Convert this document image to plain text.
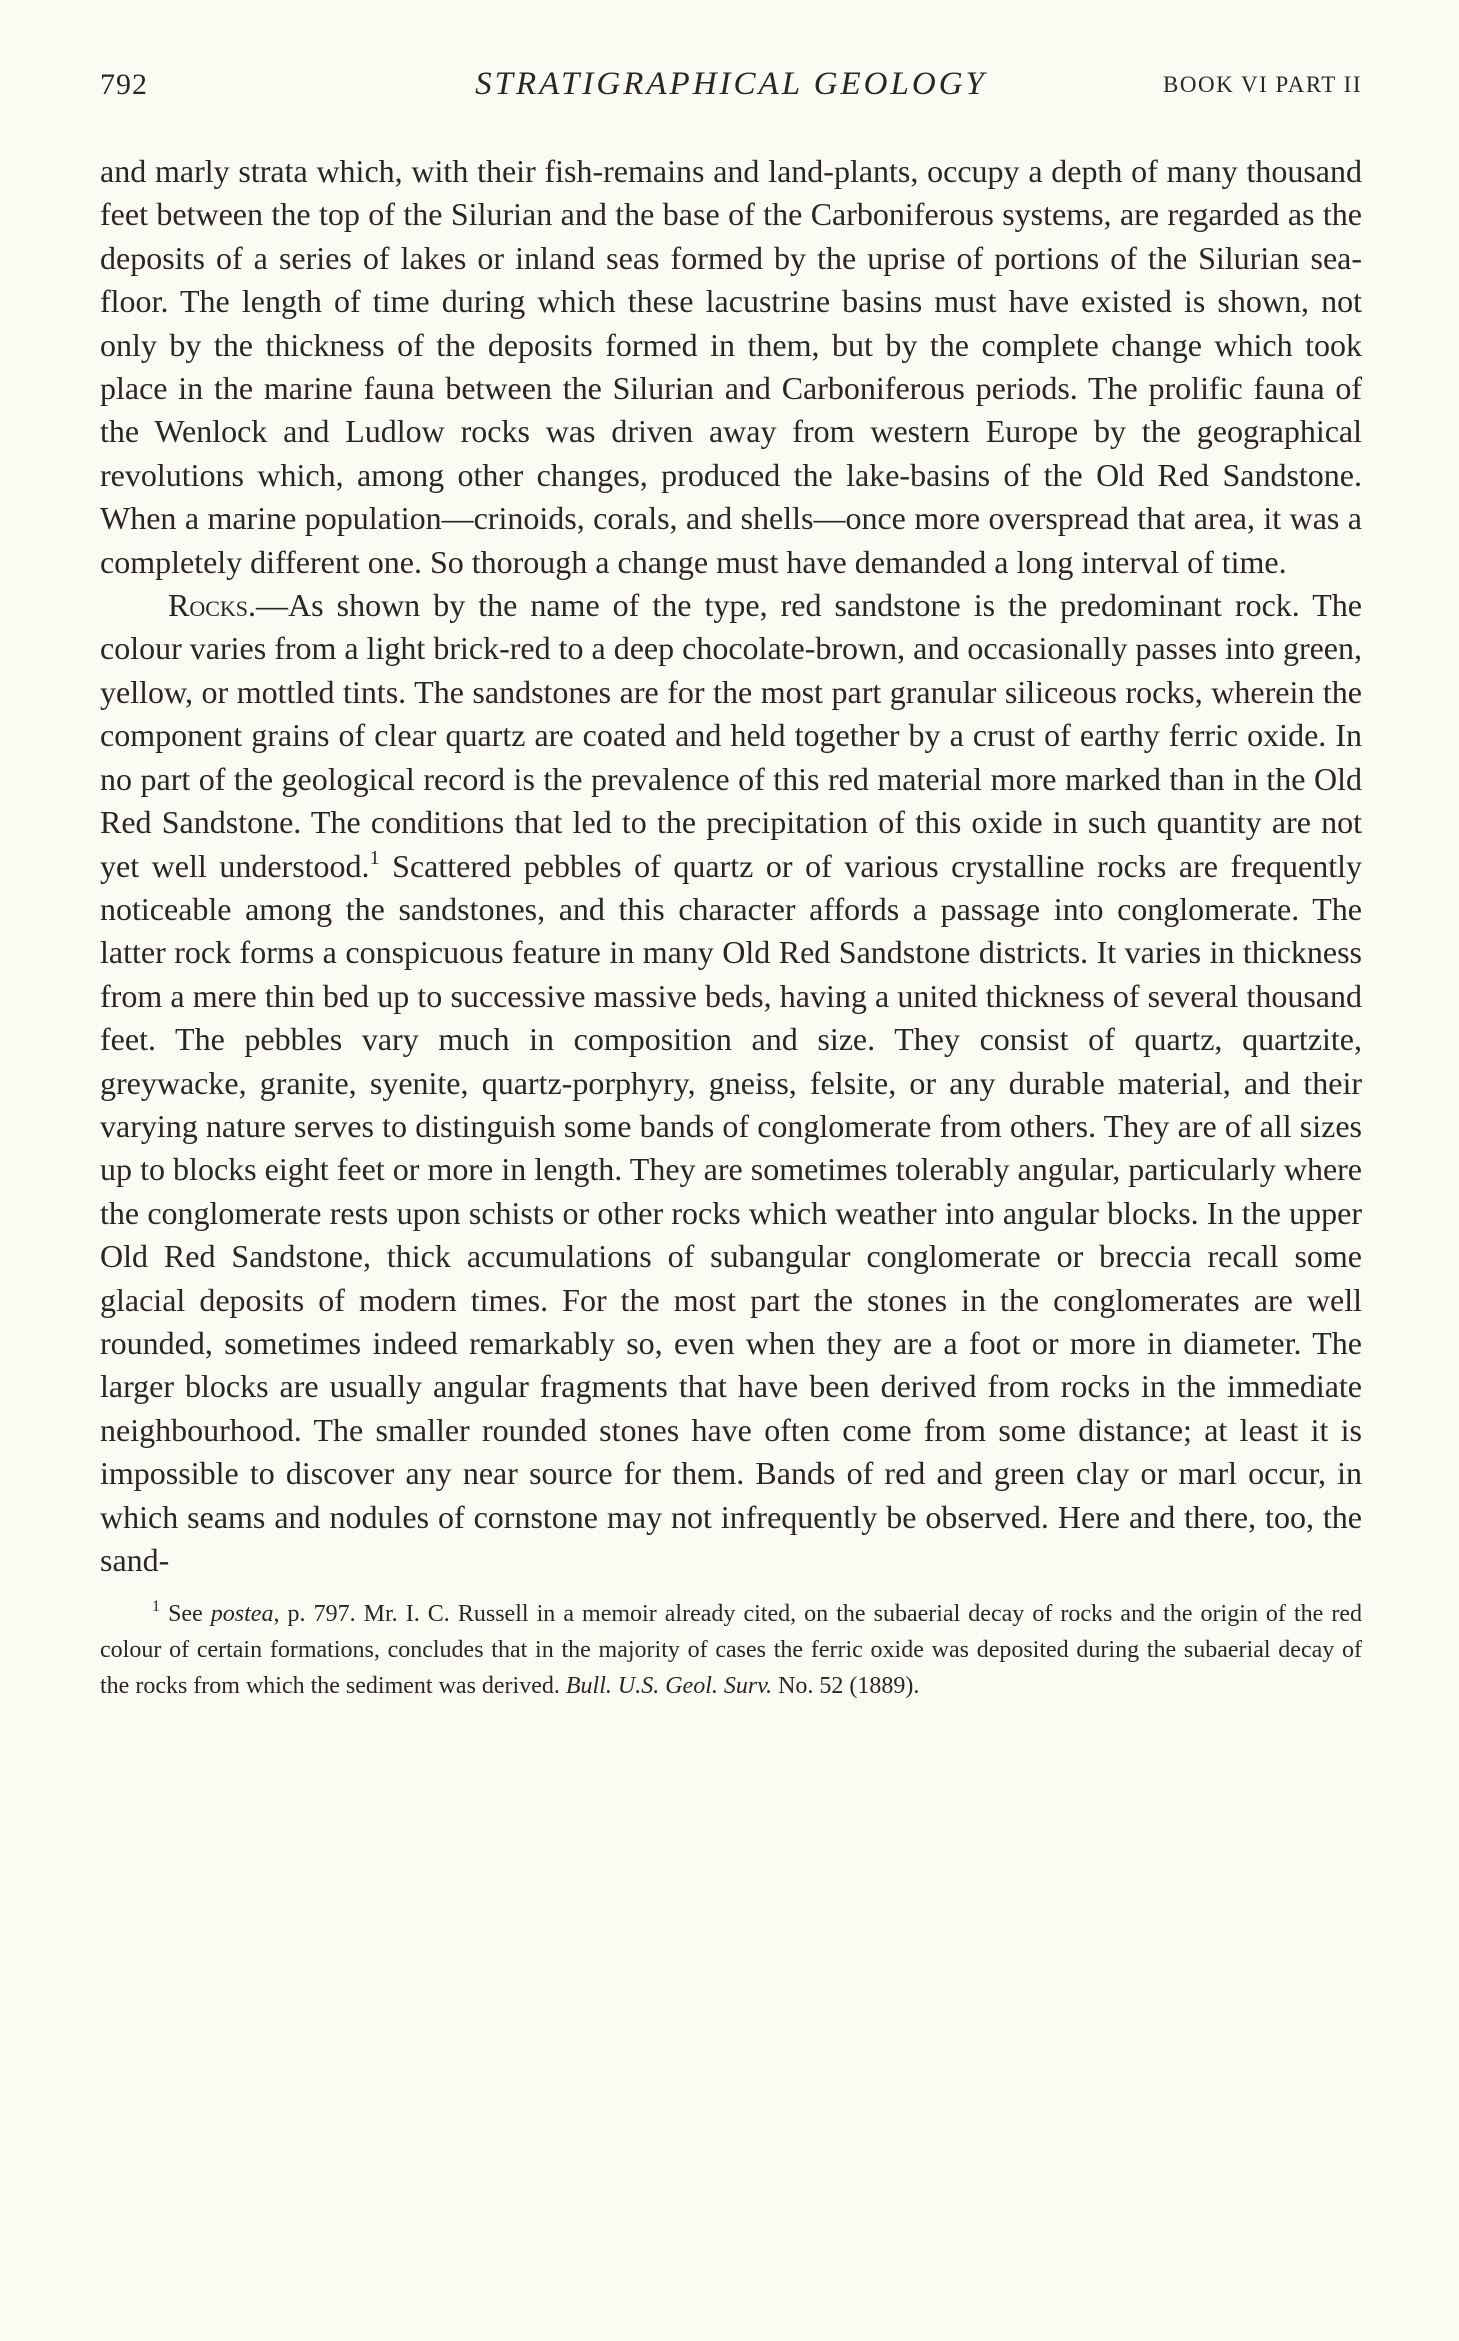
792	STRATIGRAPHICAL GEOLOGY	BOOK VI PART II

and marly strata which, with their fish-remains and land-plants, occupy a depth of many thousand feet between the top of the Silurian and the base of the Carboniferous systems, are regarded as the deposits of a series of lakes or inland seas formed by the uprise of portions of the Silurian sea-floor. The length of time during which these lacustrine basins must have existed is shown, not only by the thickness of the deposits formed in them, but by the complete change which took place in the marine fauna between the Silurian and Carboniferous periods. The prolific fauna of the Wenlock and Ludlow rocks was driven away from western Europe by the geographical revolutions which, among other changes, produced the lake-basins of the Old Red Sandstone. When a marine population—crinoids, corals, and shells—once more overspread that area, it was a completely different one. So thorough a change must have demanded a long interval of time.

Rocks.—As shown by the name of the type, red sandstone is the predominant rock. The colour varies from a light brick-red to a deep chocolate-brown, and occasionally passes into green, yellow, or mottled tints. The sandstones are for the most part granular siliceous rocks, wherein the component grains of clear quartz are coated and held together by a crust of earthy ferric oxide. In no part of the geological record is the prevalence of this red material more marked than in the Old Red Sandstone. The conditions that led to the precipitation of this oxide in such quantity are not yet well understood.$^1$ Scattered pebbles of quartz or of various crystalline rocks are frequently noticeable among the sandstones, and this character affords a passage into conglomerate. The latter rock forms a conspicuous feature in many Old Red Sandstone districts. It varies in thickness from a mere thin bed up to successive massive beds, having a united thickness of several thousand feet. The pebbles vary much in composition and size. They consist of quartz, quartzite, greywacke, granite, syenite, quartz-porphyry, gneiss, felsite, or any durable material, and their varying nature serves to distinguish some bands of conglomerate from others. They are of all sizes up to blocks eight feet or more in length. They are sometimes tolerably angular, particularly where the conglomerate rests upon schists or other rocks which weather into angular blocks. In the upper Old Red Sandstone, thick accumulations of subangular conglomerate or breccia recall some glacial deposits of modern times. For the most part the stones in the conglomerates are well rounded, sometimes indeed remarkably so, even when they are a foot or more in diameter. The larger blocks are usually angular fragments that have been derived from rocks in the immediate neighbourhood. The smaller rounded stones have often come from some distance; at least it is impossible to discover any near source for them. Bands of red and green clay or marl occur, in which seams and nodules of cornstone may not infrequently be observed. Here and there, too, the sand-

$^1$ See postea, p. 797. Mr. I. C. Russell in a memoir already cited, on the subaerial decay of rocks and the origin of the red colour of certain formations, concludes that in the majority of cases the ferric oxide was deposited during the subaerial decay of the rocks from which the sediment was derived. Bull. U.S. Geol. Surv. No. 52 (1889).
